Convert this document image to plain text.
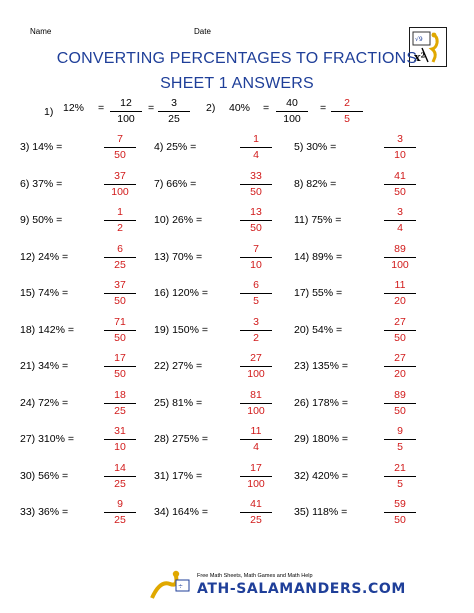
Name	Date
√9
x²
CONVERTING PERCENTAGES TO FRACTIONS
SHEET 1 ANSWERS
1) 12% =	12
100
=	3
25
2) 40% =	40
100
=	2
5
3) 14% =
7
50
4) 25% =
1
4
5) 30% =
3
10
6) 37% =
37
100
7) 66% =
33
50
8) 82% =
41
50
9) 50% =
1
2
10) 26% =
13
50
11) 75% =
3
4
12) 24% =
6
25
13) 70% =
7
10
14) 89% =
89
100
15) 74% =
37
50
16) 120% =
6
5
17) 55% =
11
20
18) 142% =
71
50
19) 150% =
3
2
20) 54% =
27
50
21) 34% =
17
50
22) 27% =
27
100
23) 135% =
27
20
24) 72% =
18
25
25) 81% =
81
100
26) 178% =
89
50
27) 310% =
31
10
28) 275% =
11
4
29) 180% =
9
5
30) 56% =
14
25
31) 17% =
17
100
32) 420% =
21
5
33) 36% =
9
25
34) 164% =
41
25
35) 118% =
59
50
÷
Free Math Sheets, Math Games and Math Help
ATH-SALAMANDERS.COM
